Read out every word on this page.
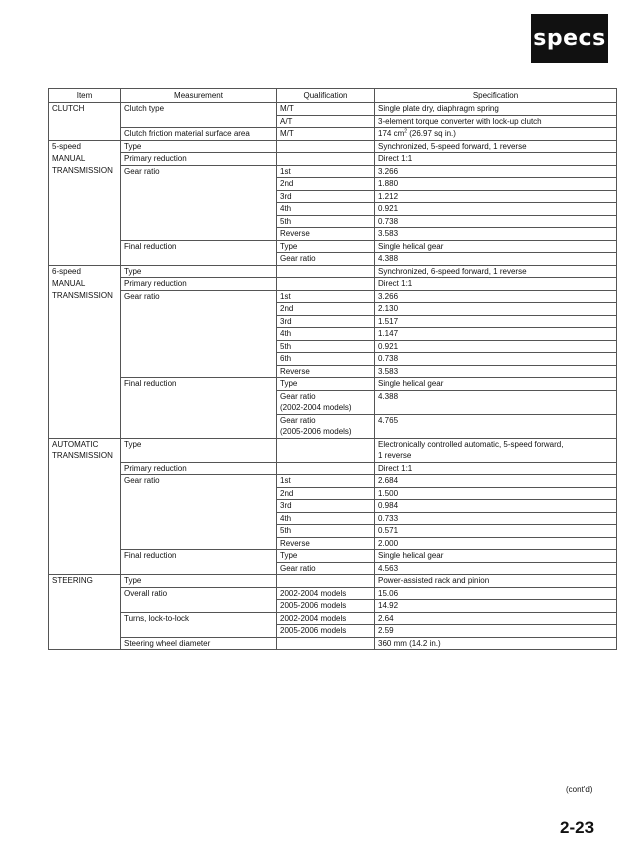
specs
Item	Measurement	Qualification	Specification
CLUTCH	Clutch type	M/T	Single plate dry, diaphragm spring
		A/T	3-element torque converter with lock-up clutch
	Clutch friction material surface area	M/T	174 $cm^2$ (26.97 sq in.)
5-speed	Type		Synchronized, 5-speed forward, 1 reverse
MANUAL	Primary reduction		Direct 1:1
TRANSMISSION	Gear ratio	1st	3.266
		2nd	1.880
		3rd	1.212
		4th	0.921
		5th	0.738
		Reverse	3.583
	Final reduction	Type	Single helical gear
		Gear ratio	4.388
6-speed	Type		Synchronized, 6-speed forward, 1 reverse
MANUAL	Primary reduction		Direct 1:1
TRANSMISSION	Gear ratio	1st	3.266
		2nd	2.130
		3rd	1.517
		4th	1.147
		5th	0.921
		6th	0.738
		Reverse	3.583
	Final reduction	Type	Single helical gear
		Gear ratio	4.388
		(2002-2004 models)	
		Gear ratio	4.765
		(2005-2006 models)	
AUTOMATIC	Type		Electronically controlled automatic, 5-speed forward,
TRANSMISSION			1 reverse
	Primary reduction		Direct 1:1
	Gear ratio	1st	2.684
		2nd	1.500
		3rd	0.984
		4th	0.733
		5th	0.571
		Reverse	2.000
	Final reduction	Type	Single helical gear
		Gear ratio	4.563
STEERING	Type		Power-assisted rack and pinion
	Overall ratio	2002-2004 models	15.06
		2005-2006 models	14.92
	Turns, lock-to-lock	2002-2004 models	2.64
		2005-2006 models	2.59
	Steering wheel diameter		360 mm (14.2 in.)
(cont'd)
2-23
